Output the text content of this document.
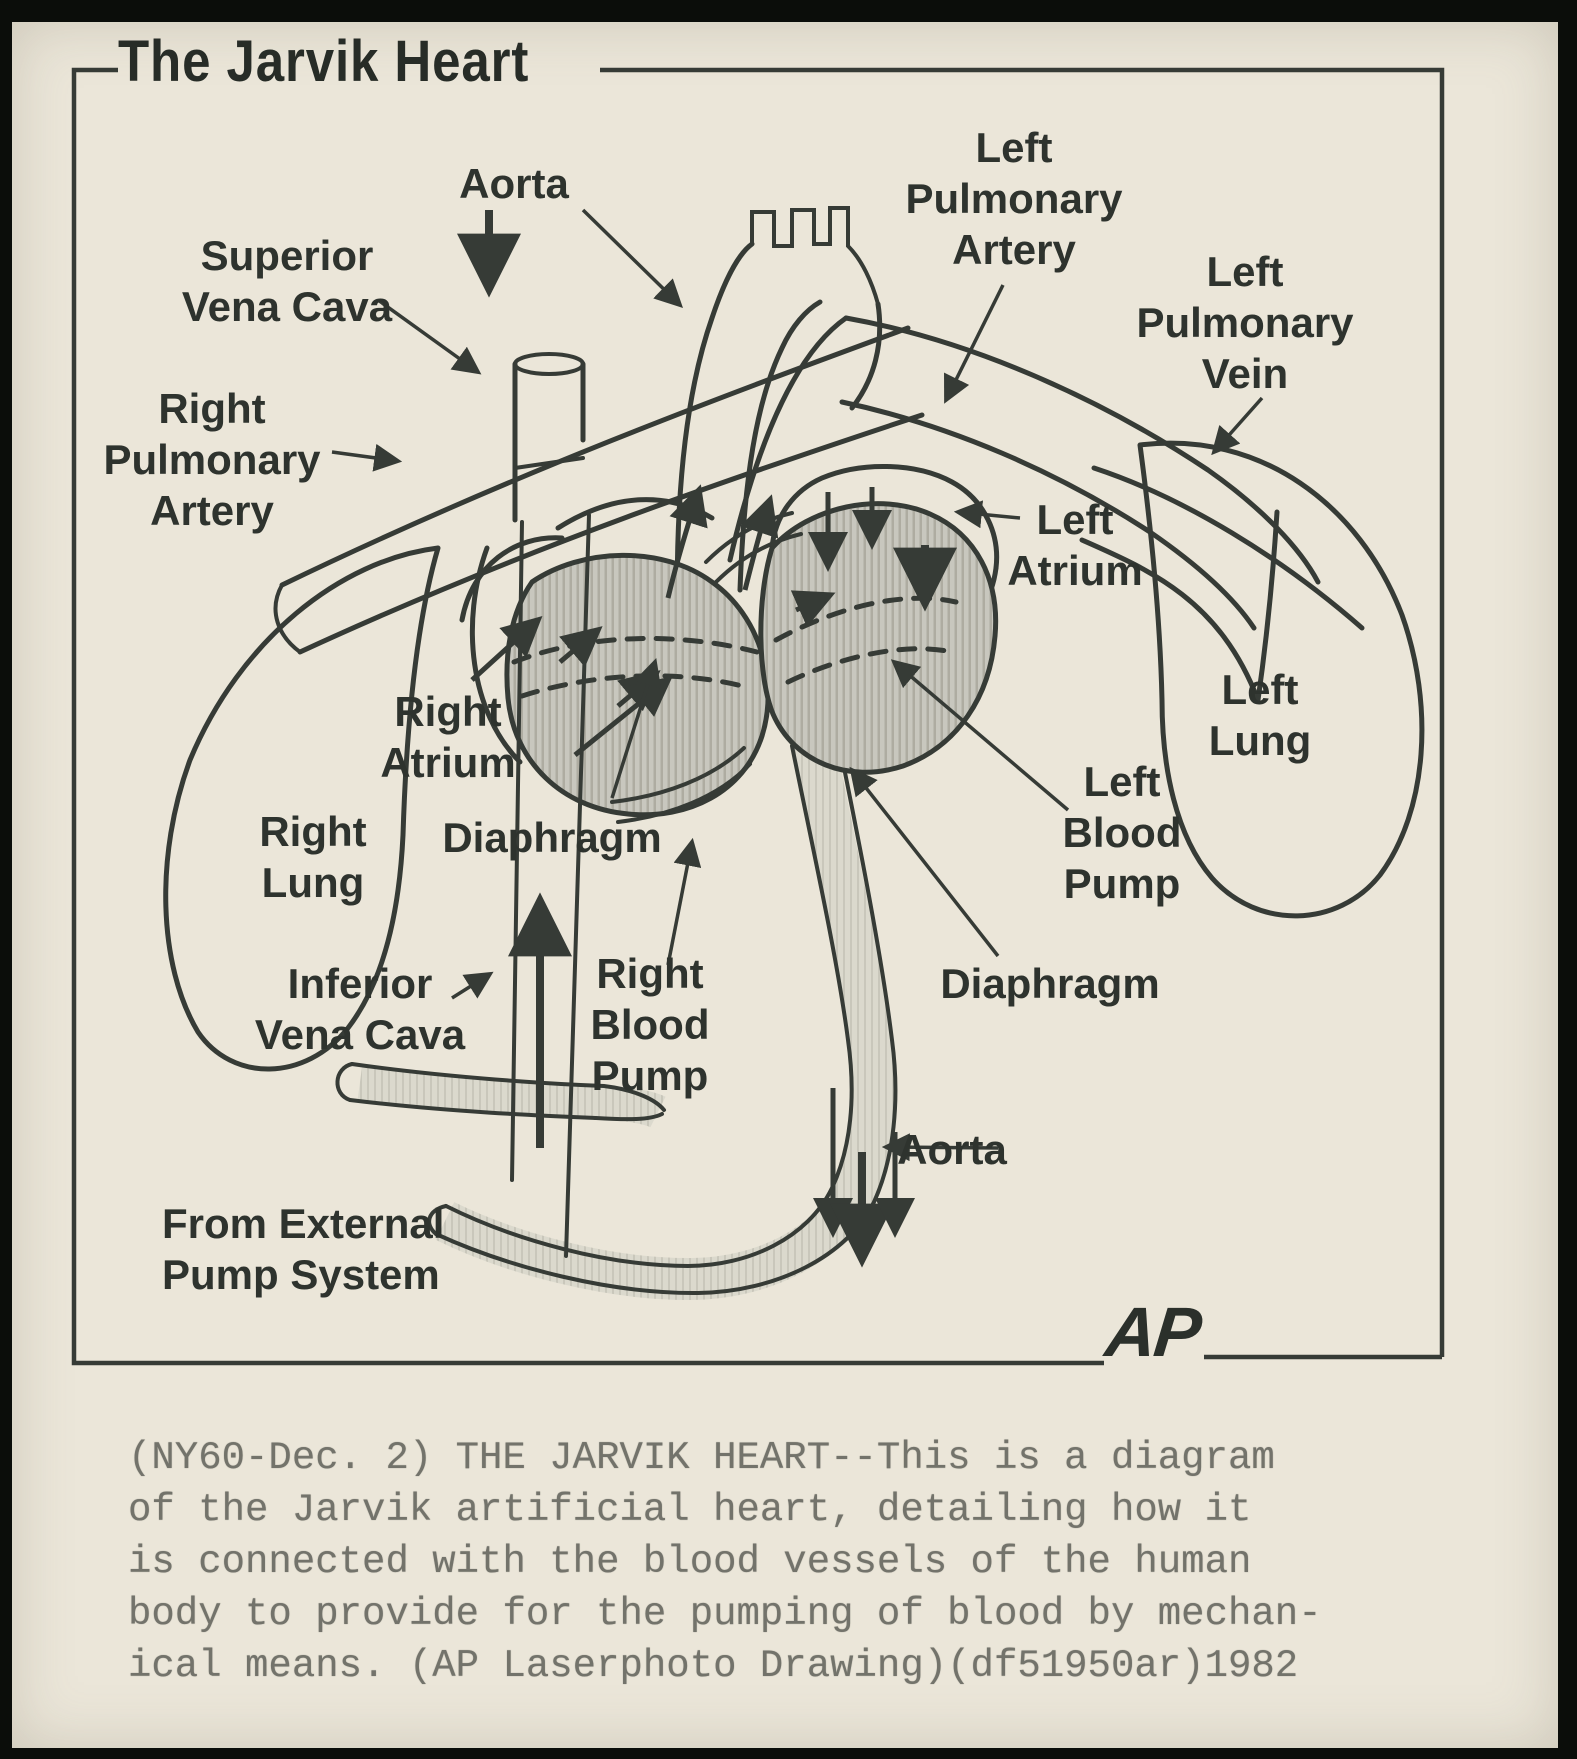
The Jarvik Heart
Aorta
Left
Pulmonary
Artery
Superior
Vena Cava
Left
Pulmonary
Vein
Right
Pulmonary
Artery	Left
Atrium
Left
Lung
Right
Atrium
Right
Lung
Diaphragm
Left
Blood
Pump
Inferior
Vena Cava
Right
Blood
Pump
Diaphragm
Aorta
From External
Pump System
AP
(NY60-Dec. 2) THE JARVIK HEART--This is a diagram
of the Jarvik artificial heart, detailing how it
is connected with the blood vessels of the human
body to provide for the pumping of blood by mechan-
ical means. (AP Laserphoto Drawing)(df51950ar)1982
